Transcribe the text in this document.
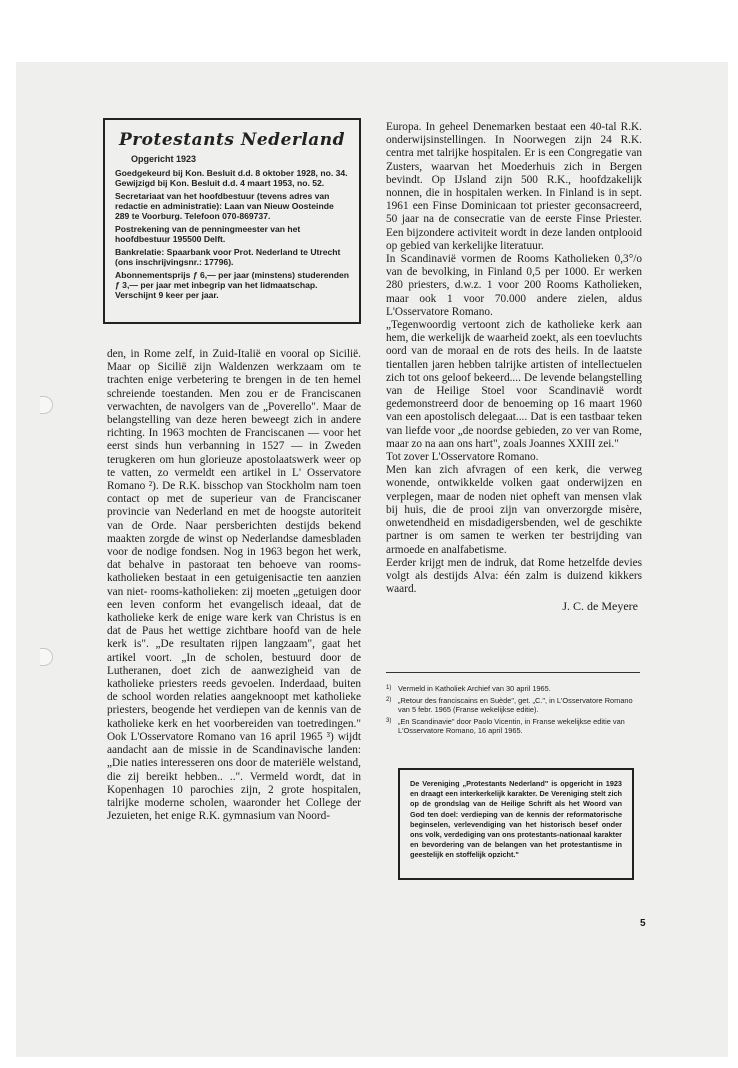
Protestants Nederland
Opgericht 1923

Goedgekeurd bij Kon. Besluit d.d. 8 oktober 1928, no. 34. Gewijzigd bij Kon. Besluit d.d. 4 maart 1953, no. 52.

Secretariaat van het hoofdbestuur (tevens adres van redactie en administratie): Laan van Nieuw Oosteinde 289 te Voorburg. Telefoon 070-869737.

Postrekening van de penningmeester van het hoofdbestuur 195500 Delft.

Bankrelatie: Spaarbank voor Prot. Nederland te Utrecht (ons inschrijvingsnr.: 17796).

Abonnementsprijs ƒ 6,— per jaar (minstens) studerenden ƒ 3,— per jaar met inbegrip van het lidmaatschap. Verschijnt 9 keer per jaar.

den, in Rome zelf, in Zuid-Italië en vooral op Sicilië. Maar op Sicilië zijn Waldenzen werkzaam om te trachten enige verbetering te brengen in de ten hemel schreiende toestanden. Men zou er de Franciscanen verwachten, de navolgers van de „Poverello". Maar de belangstelling van deze heren beweegt zich in andere richting. In 1963 mochten de Franciscanen — voor het eerst sinds hun verbanning in 1527 — in Zweden terugkeren om hun glorieuze apostolaatswerk weer op te vatten, zo vermeldt een artikel in L' Osservatore Romano ²). De R.K. bisschop van Stockholm nam toen contact op met de superieur van de Franciscaner provincie van Nederland en met de hoogste autoriteit van de Orde. Naar persberichten destijds bekend maakten zorgde de winst op Nederlandse damesbladen voor de nodige fondsen. Nog in 1963 begon het werk, dat behalve in pastoraat ten behoeve van rooms-katholieken bestaat in een getuigenisactie ten aanzien van niet- rooms-katholieken: zij moeten „getuigen door een leven conform het evangelisch ideaal, dat de katholieke kerk de enige ware kerk van Christus is en dat de Paus het wettige zichtbare hoofd van de hele kerk is". „De resultaten rijpen langzaam", gaat het artikel voort. „In de scholen, bestuurd door de Lutheranen, doet zich de aanwezigheid van de katholieke priesters reeds gevoelen. Inderdaad, buiten de school worden relaties aangeknoopt met katholieke priesters, beogende het verdiepen van de kennis van de katholieke kerk en het voorbereiden van toetredingen." Ook L'Osservatore Romano van 16 april 1965 ³) wijdt aandacht aan de missie in de Scandinavische landen: „Die naties interesseren ons door de materiële welstand, die zij bereikt hebben.. ..". Vermeld wordt, dat in Kopenhagen 10 parochies zijn, 2 grote hospitalen, talrijke moderne scholen, waaronder het College der Jezuieten, het enige R.K. gymnasium van Noord-

Europa. In geheel Denemarken bestaat een 40-tal R.K. onderwijsinstellingen. In Noorwegen zijn 24 R.K. centra met talrijke hospitalen. Er is een Congregatie van Zusters, waarvan het Moederhuis zich in Bergen bevindt. Op IJsland zijn 500 R.K., hoofdzakelijk nonnen, die in hospitalen werken. In Finland is in sept. 1961 een Finse Dominicaan tot priester geconsacreerd, 50 jaar na de consecratie van de eerste Finse Priester. Een bijzondere activiteit wordt in deze landen ontplooid op gebied van kerkelijke literatuur.

In Scandinavië vormen de Rooms Katholieken 0,3°/o van de bevolking, in Finland 0,5 per 1000. Er werken 280 priesters, d.w.z. 1 voor 200 Rooms Katholieken, maar ook 1 voor 70.000 andere zielen, aldus L'Osservatore Romano.

„Tegenwoordig vertoont zich de katholieke kerk aan hem, die werkelijk de waarheid zoekt, als een toevluchts oord van de moraal en de rots des heils. In de laatste tientallen jaren hebben talrijke artisten of intellectuelen zich tot ons geloof bekeerd.... De levende belangstelling van de Heilige Stoel voor Scandinavië wordt gedemonstreerd door de benoeming op 16 maart 1960 van een apostolisch delegaat.... Dat is een tastbaar teken van liefde voor „de noordse gebieden, zo ver van Rome, maar zo na aan ons hart", zoals Joannes XXIII zei."

Tot zover L'Osservatore Romano.

Men kan zich afvragen of een kerk, die verweg wonende, ontwikkelde volken gaat onderwijzen en verplegen, maar de noden niet opheft van mensen vlak bij huis, die de prooi zijn van onverzorgde misère, onwetendheid en misdadigersbenden, wel de geschikte partner is om samen te werken ter bestrijding van armoede en analfabetisme.

Eerder krijgt men de indruk, dat Rome hetzelfde devies volgt als destijds Alva: één zalm is duizend kikkers waard.

J. C. de Meyere
1) Vermeld in Katholiek Archief van 30 april 1965.
2) „Retour des franciscains en Suède", get. „C.", in L'Osservatore Romano van 5 febr. 1965 (Franse wekelijkse editie).
3) „En Scandinavie" door Paolo Vicentin, in Franse wekelijkse editie van L'Osservatore Romano, 16 april 1965.
De Vereniging „Protestants Nederland" is opgericht in 1923 en draagt een interkerkelijk karakter. De Vereniging stelt zich op de grondslag van de Heilige Schrift als het Woord van God ten doel: verdieping van de kennis der reformatorische beginselen, verlevendiging van het historisch besef onder ons volk, verdediging van ons protestants-nationaal karakter en bevordering van de belangen van het protestantisme in geestelijk en stoffelijk opzicht."
5
